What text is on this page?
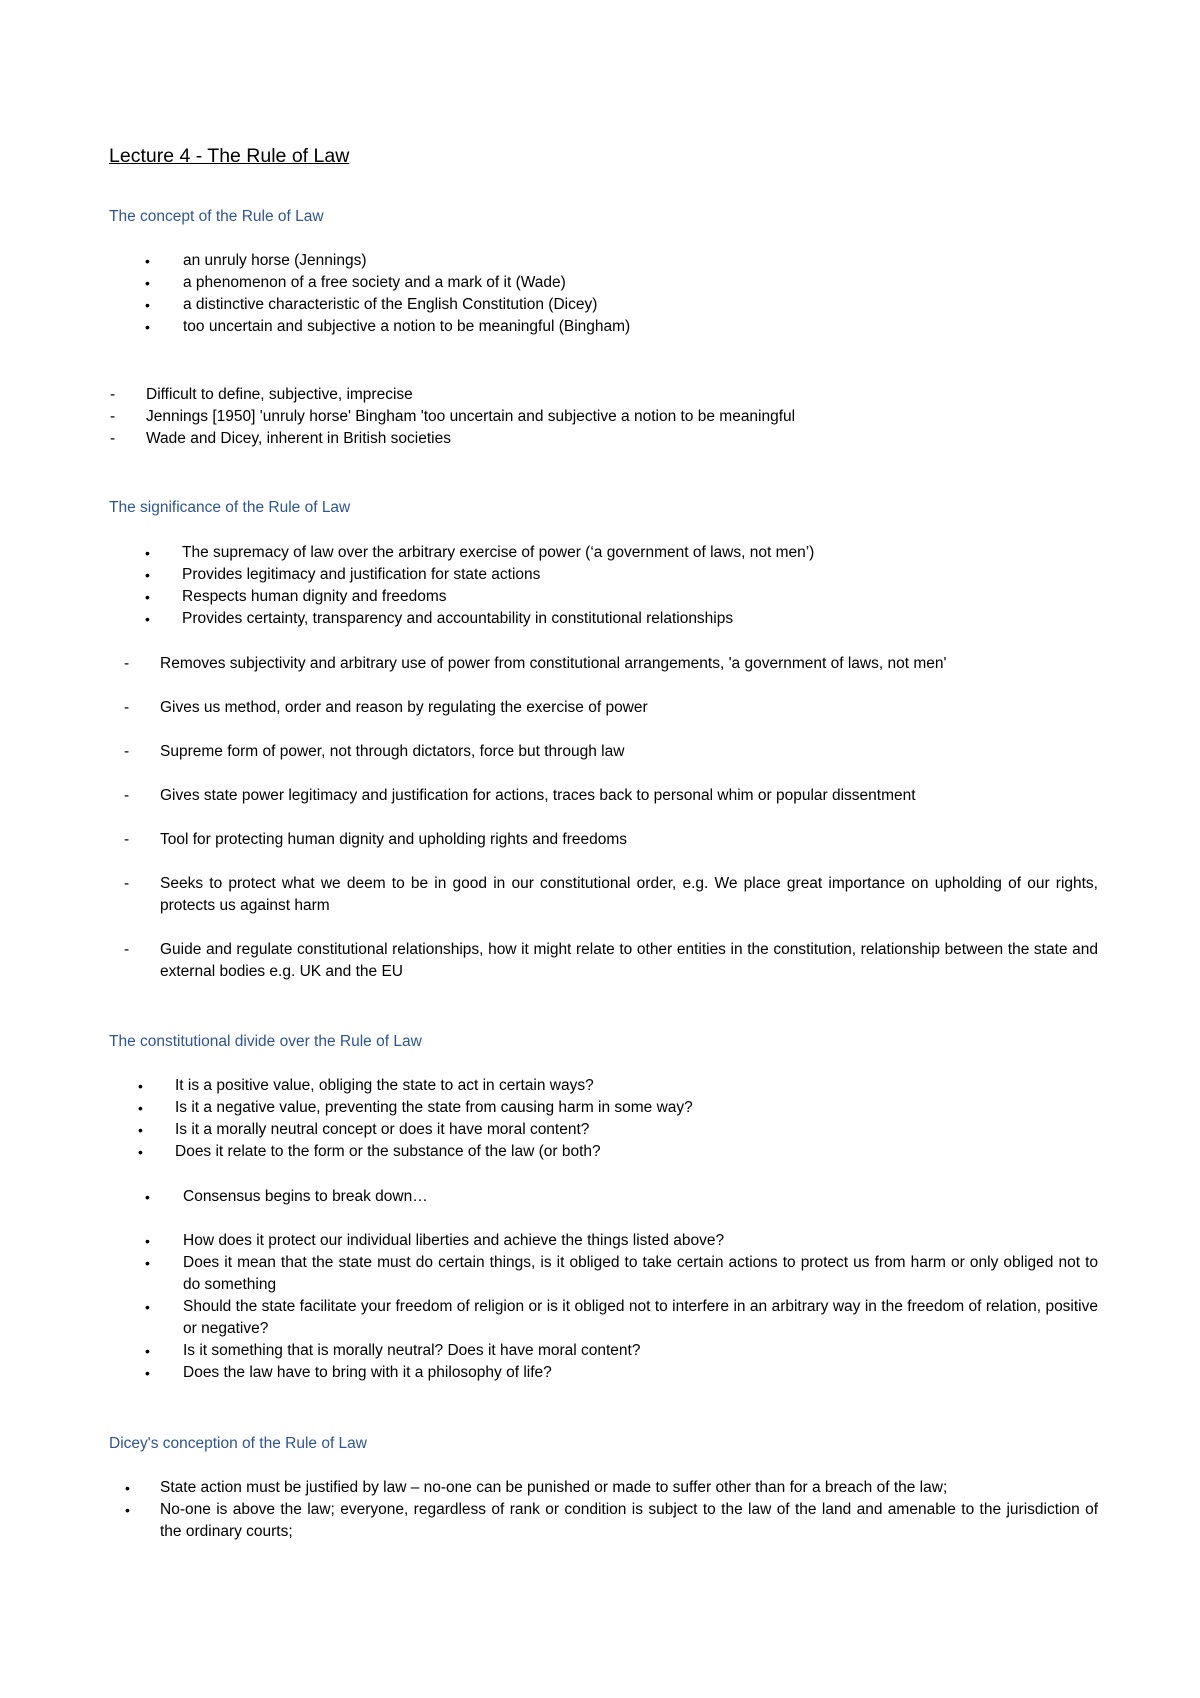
Lecture 4 - The Rule of Law
The concept of the Rule of Law
• an unruly horse (Jennings)
• a phenomenon of a free society and a mark of it (Wade)
• a distinctive characteristic of the English Constitution (Dicey)
• too uncertain and subjective a notion to be meaningful (Bingham)
- Difficult to define, subjective, imprecise
- Jennings [1950] 'unruly horse' Bingham 'too uncertain and subjective a notion to be meaningful
- Wade and Dicey, inherent in British societies
The significance of the Rule of Law
• The supremacy of law over the arbitrary exercise of power (‘a government of laws, not men’)
• Provides legitimacy and justification for state actions
• Respects human dignity and freedoms
• Provides certainty, transparency and accountability in constitutional relationships
- Removes subjectivity and arbitrary use of power from constitutional arrangements, 'a government of laws, not men'
- Gives us method, order and reason by regulating the exercise of power
- Supreme form of power, not through dictators, force but through law
- Gives state power legitimacy and justification for actions, traces back to personal whim or popular dissentment
- Tool for protecting human dignity and upholding rights and freedoms
- Seeks to protect what we deem to be in good in our constitutional order, e.g. We place great importance on upholding of our rights, protects us against harm
- Guide and regulate constitutional relationships, how it might relate to other entities in the constitution, relationship between the state and external bodies e.g. UK and the EU
The constitutional divide over the Rule of Law
• It is a positive value, obliging the state to act in certain ways?
• Is it a negative value, preventing the state from causing harm in some way?
• Is it a morally neutral concept or does it have moral content?
• Does it relate to the form or the substance of the law (or both?
• Consensus begins to break down…
• How does it protect our individual liberties and achieve the things listed above?
• Does it mean that the state must do certain things, is it obliged to take certain actions to protect us from harm or only obliged not to do something
• Should the state facilitate your freedom of religion or is it obliged not to interfere in an arbitrary way in the freedom of relation, positive or negative?
• Is it something that is morally neutral? Does it have moral content?
• Does the law have to bring with it a philosophy of life?
Dicey's conception of the Rule of Law
• State action must be justified by law – no-one can be punished or made to suffer other than for a breach of the law;
• No-one is above the law; everyone, regardless of rank or condition is subject to the law of the land and amenable to the jurisdiction of the ordinary courts;
